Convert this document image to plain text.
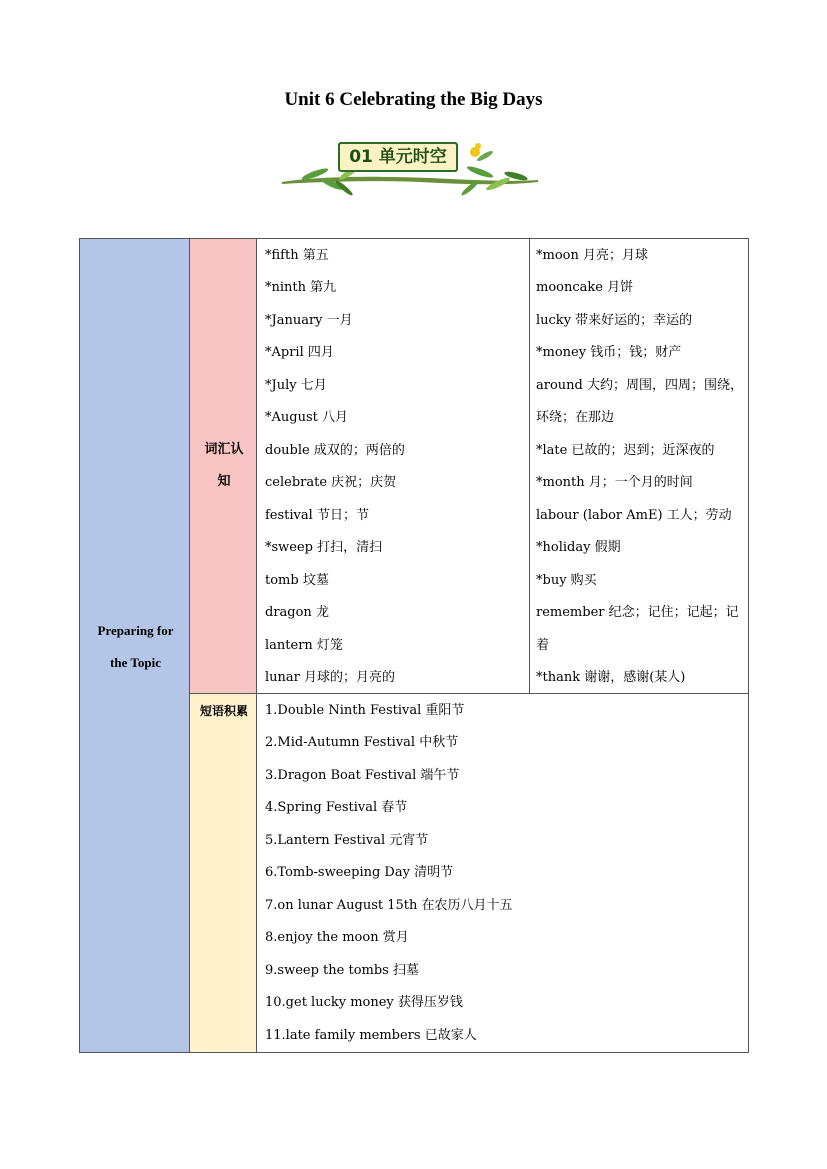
Unit 6 Celebrating the Big Days
01 单元时空
Preparing for
the Topic
词汇认
知
*fifth 第五
*ninth 第九
*January 一月
*April 四月
*July 七月
*August 八月
double 成双的；两倍的
celebrate 庆祝；庆贺
festival 节日；节
*sweep 打扫，清扫
tomb 坟墓
dragon 龙
lantern 灯笼
lunar 月球的；月亮的
*moon 月亮；月球
mooncake 月饼
lucky 带来好运的；幸运的
*money 钱币；钱；财产
around 大约；周围，四周；围绕，
环绕；在那边
*late 已故的；迟到；近深夜的
*month 月；一个月的时间
labour (labor AmE) 工人；劳动
*holiday 假期
*buy 购买
remember 纪念；记住；记起；记
着
*thank 谢谢，感谢(某人)
短语积累	1.Double Ninth Festival 重阳节
2.Mid-Autumn Festival 中秋节
3.Dragon Boat Festival 端午节
4.Spring Festival 春节
5.Lantern Festival 元宵节
6.Tomb-sweeping Day 清明节
7.on lunar August 15th 在农历八月十五
8.enjoy the moon 赏月
9.sweep the tombs 扫墓
10.get lucky money 获得压岁钱
11.late family members 已故家人
